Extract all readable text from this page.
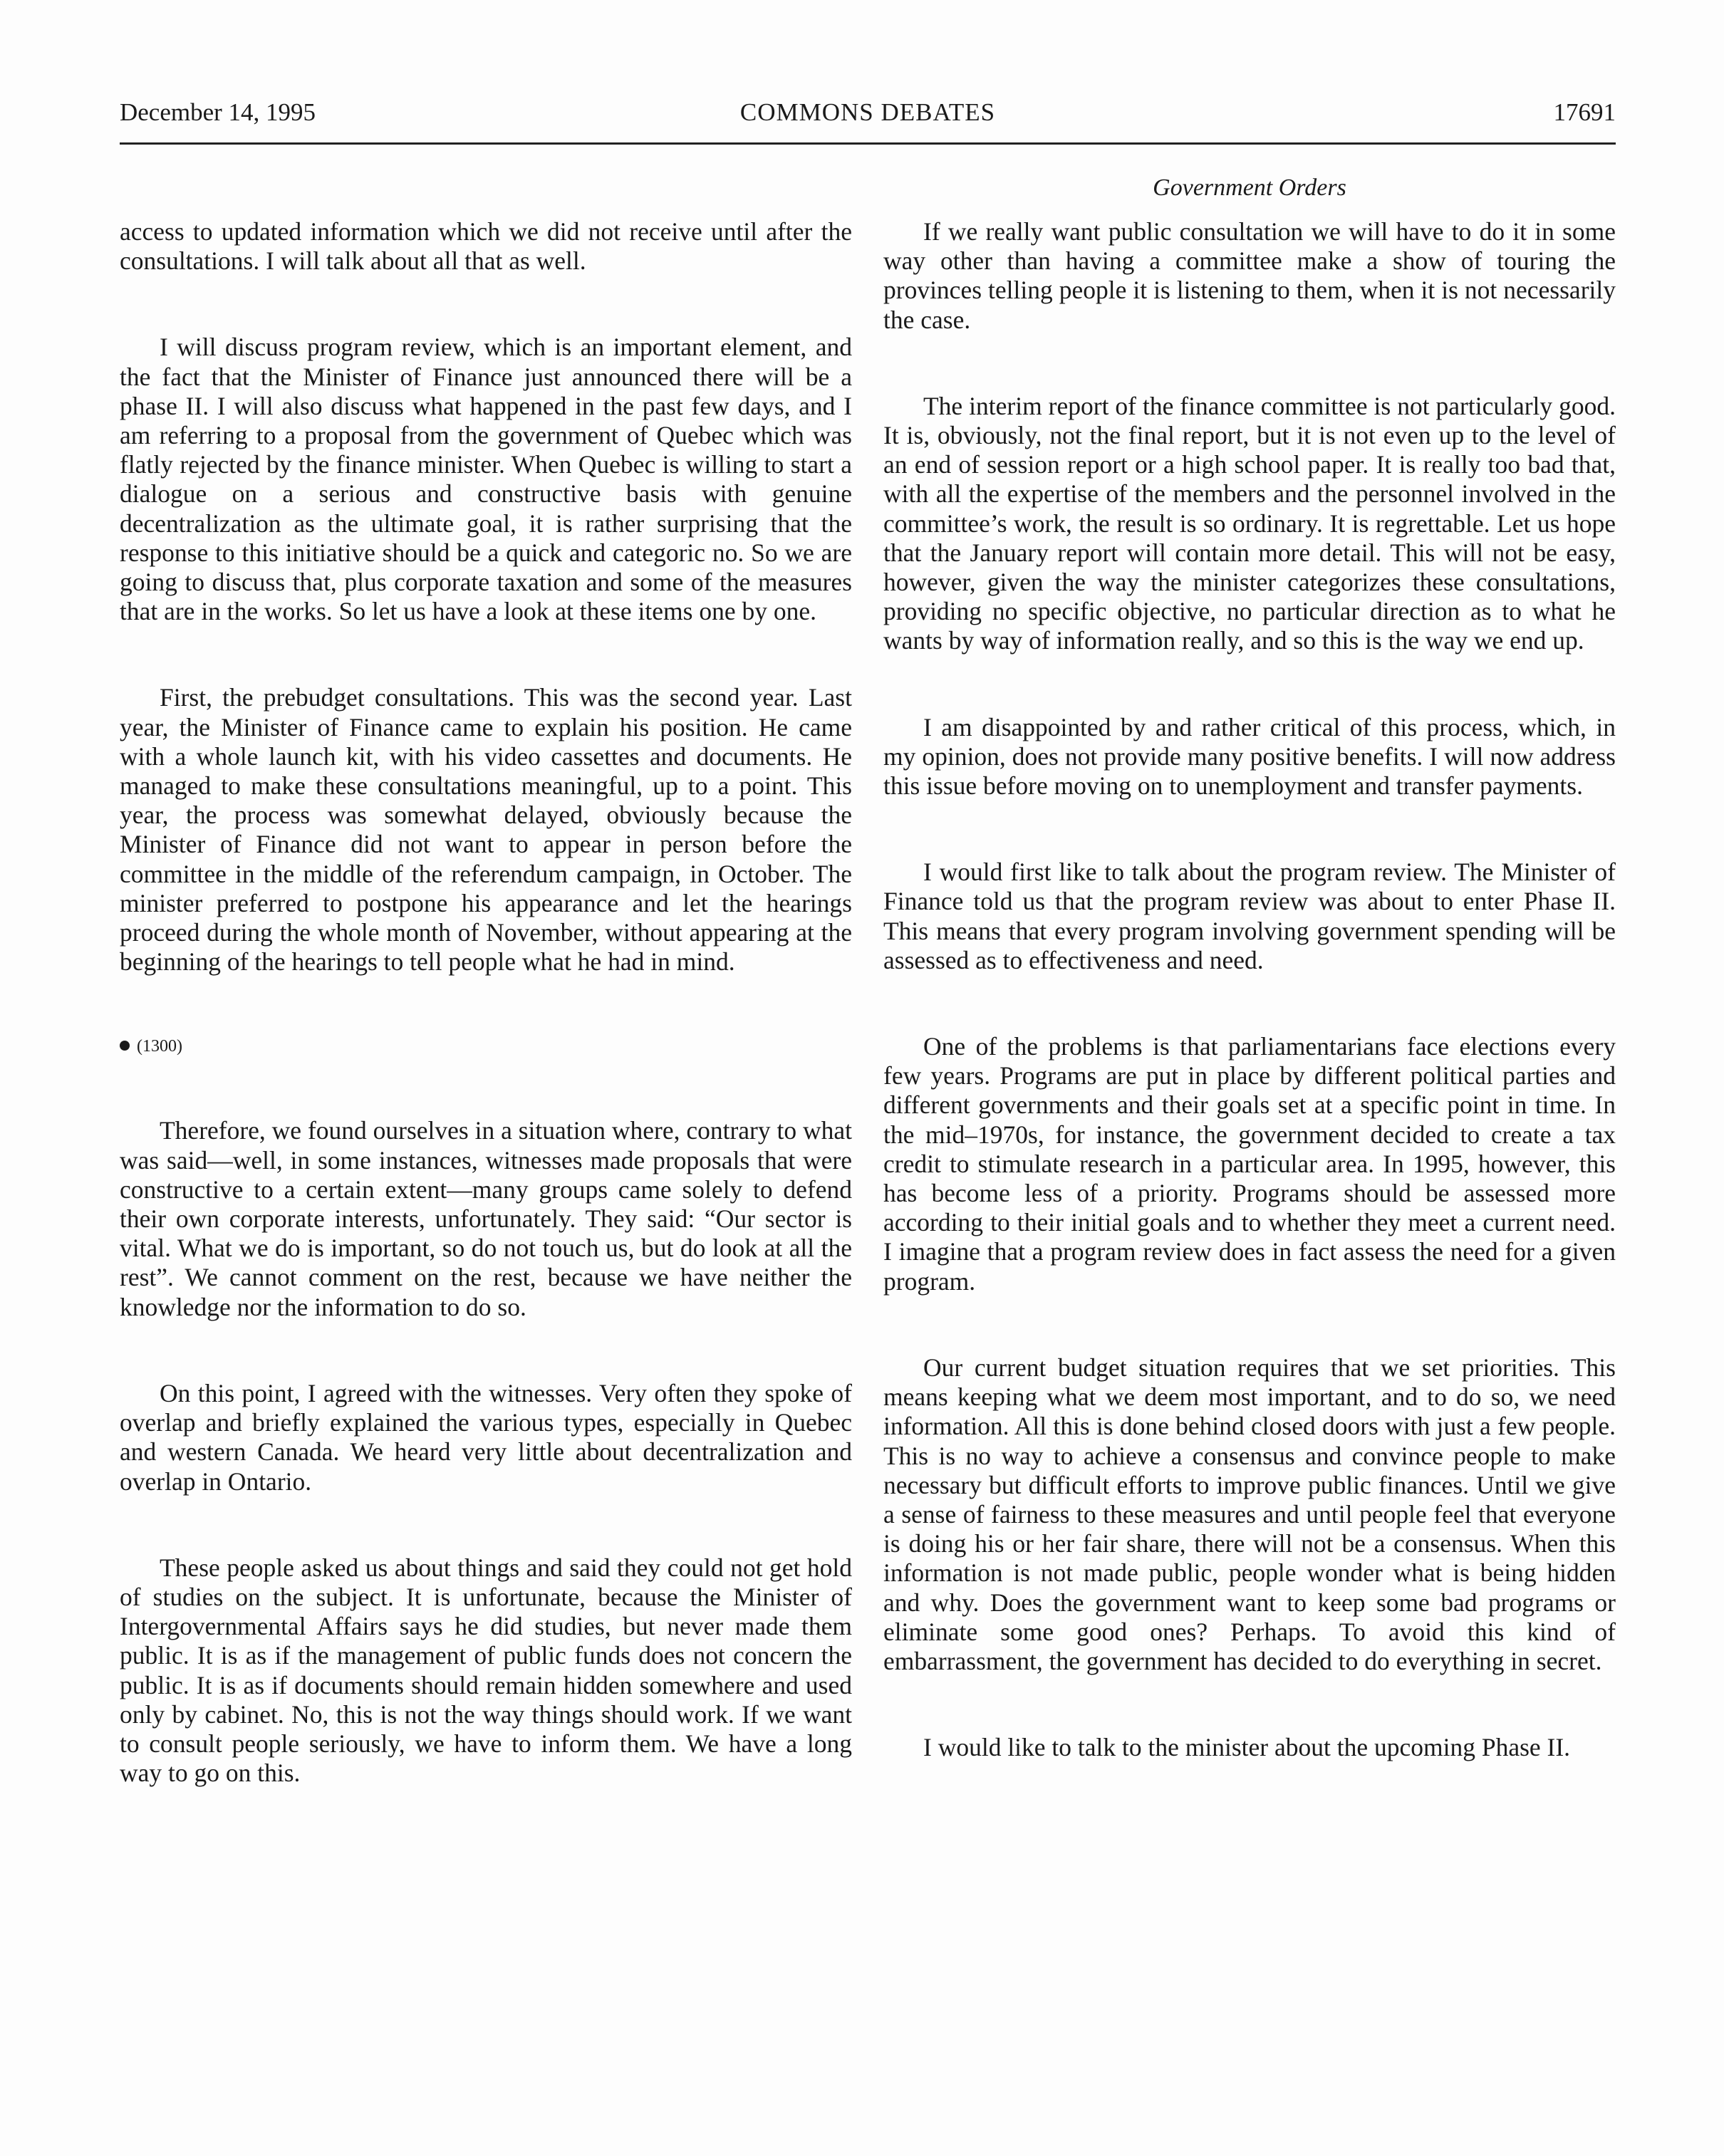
December 14, 1995	COMMONS DEBATES	17691
Government Orders

access to updated information which we did not receive until after the consultations. I will talk about all that as well.

I will discuss program review, which is an important element, and the fact that the Minister of Finance just announced there will be a phase II. I will also discuss what happened in the past few days, and I am referring to a proposal from the government of Quebec which was flatly rejected by the finance minister. When Quebec is willing to start a dialogue on a serious and constructive basis with genuine decentralization as the ultimate goal, it is rather surprising that the response to this initiative should be a quick and categoric no. So we are going to discuss that, plus corporate taxation and some of the measures that are in the works. So let us have a look at these items one by one.

First, the prebudget consultations. This was the second year. Last year, the Minister of Finance came to explain his position. He came with a whole launch kit, with his video cassettes and documents. He managed to make these consultations meaningful, up to a point. This year, the process was somewhat delayed, obviously because the Minister of Finance did not want to appear in person before the committee in the middle of the referendum campaign, in October. The minister preferred to postpone his appearance and let the hearings proceed during the whole month of November, without appearing at the beginning of the hearings to tell people what he had in mind.

(1300)

Therefore, we found ourselves in a situation where, contrary to what was said—well, in some instances, witnesses made proposals that were constructive to a certain extent—many groups came solely to defend their own corporate interests, unfortunately. They said: “Our sector is vital. What we do is important, so do not touch us, but do look at all the rest”. We cannot comment on the rest, because we have neither the knowledge nor the information to do so.

On this point, I agreed with the witnesses. Very often they spoke of overlap and briefly explained the various types, especially in Quebec and western Canada. We heard very little about decentralization and overlap in Ontario.

These people asked us about things and said they could not get hold of studies on the subject. It is unfortunate, because the Minister of Intergovernmental Affairs says he did studies, but never made them public. It is as if the management of public funds does not concern the public. It is as if documents should remain hidden somewhere and used only by cabinet. No, this is not the way things should work. If we want to consult people seriously, we have to inform them. We have a long way to go on this.

If we really want public consultation we will have to do it in some way other than having a committee make a show of touring the provinces telling people it is listening to them, when it is not necessarily the case.

The interim report of the finance committee is not particularly good. It is, obviously, not the final report, but it is not even up to the level of an end of session report or a high school paper. It is really too bad that, with all the expertise of the members and the personnel involved in the committee’s work, the result is so ordinary. It is regrettable. Let us hope that the January report will contain more detail. This will not be easy, however, given the way the minister categorizes these consultations, providing no specific objective, no particular direction as to what he wants by way of information really, and so this is the way we end up.

I am disappointed by and rather critical of this process, which, in my opinion, does not provide many positive benefits. I will now address this issue before moving on to unemployment and transfer payments.

I would first like to talk about the program review. The Minister of Finance told us that the program review was about to enter Phase II. This means that every program involving government spending will be assessed as to effectiveness and need.

One of the problems is that parliamentarians face elections every few years. Programs are put in place by different political parties and different governments and their goals set at a specific point in time. In the mid–1970s, for instance, the government decided to create a tax credit to stimulate research in a particular area. In 1995, however, this has become less of a priority. Programs should be assessed more according to their initial goals and to whether they meet a current need. I imagine that a program review does in fact assess the need for a given program.

Our current budget situation requires that we set priorities. This means keeping what we deem most important, and to do so, we need information. All this is done behind closed doors with just a few people. This is no way to achieve a consensus and convince people to make necessary but difficult efforts to improve public finances. Until we give a sense of fairness to these measures and until people feel that everyone is doing his or her fair share, there will not be a consensus. When this information is not made public, people wonder what is being hidden and why. Does the government want to keep some bad programs or eliminate some good ones? Perhaps. To avoid this kind of embarrassment, the government has decided to do everything in secret.

I would like to talk to the minister about the upcoming Phase II.
